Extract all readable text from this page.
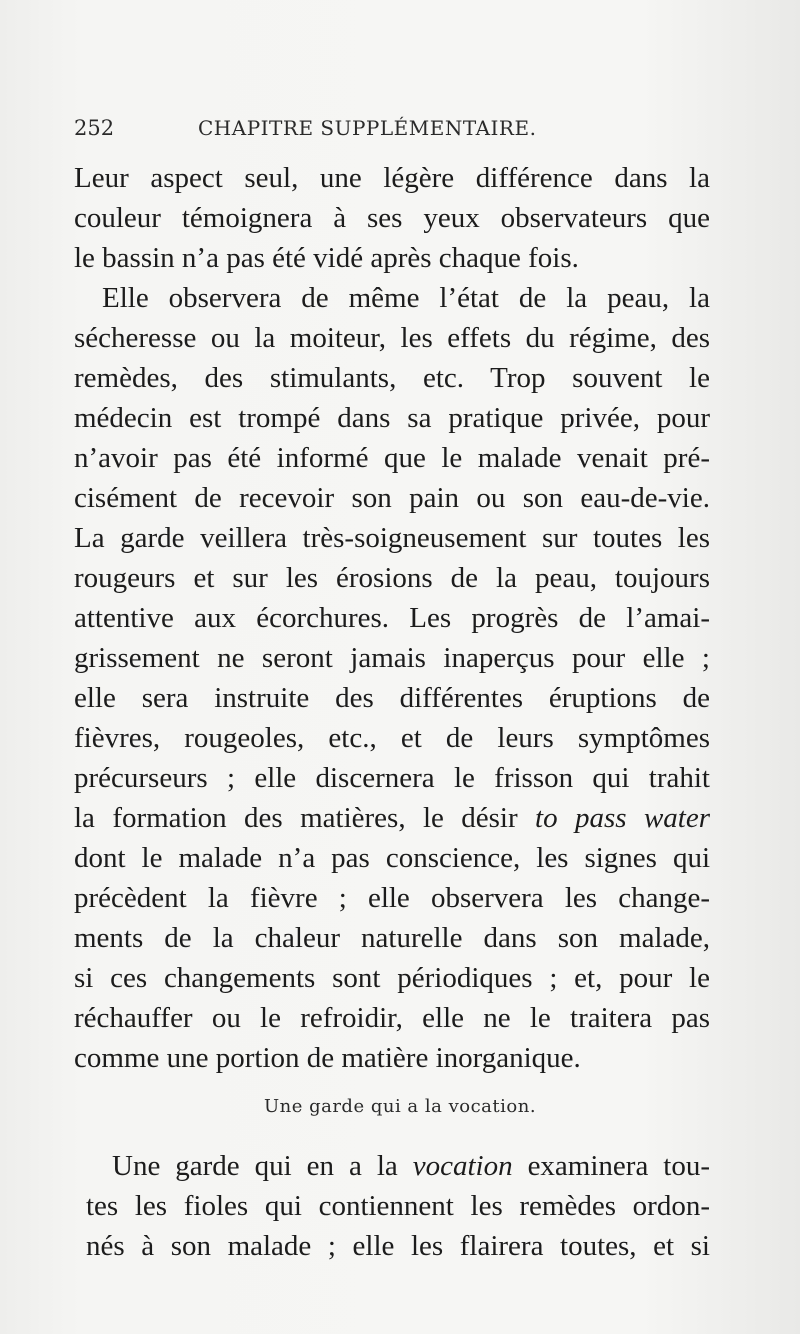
252	CHAPITRE SUPPLÉMENTAIRE.
Leur aspect seul, une légère différence dans la
couleur témoignera à ses yeux observateurs que
le bassin n’a pas été vidé après chaque fois.
Elle observera de même l’état de la peau, la
sécheresse ou la moiteur, les effets du régime, des
remèdes, des stimulants, etc. Trop souvent le
médecin est trompé dans sa pratique privée, pour
n’avoir pas été informé que le malade venait pré-
cisément de recevoir son pain ou son eau-de-vie.
La garde veillera très-soigneusement sur toutes les
rougeurs et sur les érosions de la peau, toujours
attentive aux écorchures. Les progrès de l’amai-
grissement ne seront jamais inaperçus pour elle ;
elle sera instruite des différentes éruptions de
fièvres, rougeoles, etc., et de leurs symptômes
précurseurs ; elle discernera le frisson qui trahit
la formation des matières, le désir to pass water
dont le malade n’a pas conscience, les signes qui
précèdent la fièvre ; elle observera les change-
ments de la chaleur naturelle dans son malade,
si ces changements sont périodiques ; et, pour le
réchauffer ou le refroidir, elle ne le traitera pas
comme une portion de matière inorganique.
Une garde qui a la vocation.
Une garde qui en a la vocation examinera tou-
tes les fioles qui contiennent les remèdes ordon-
nés à son malade ; elle les flairera toutes, et si
